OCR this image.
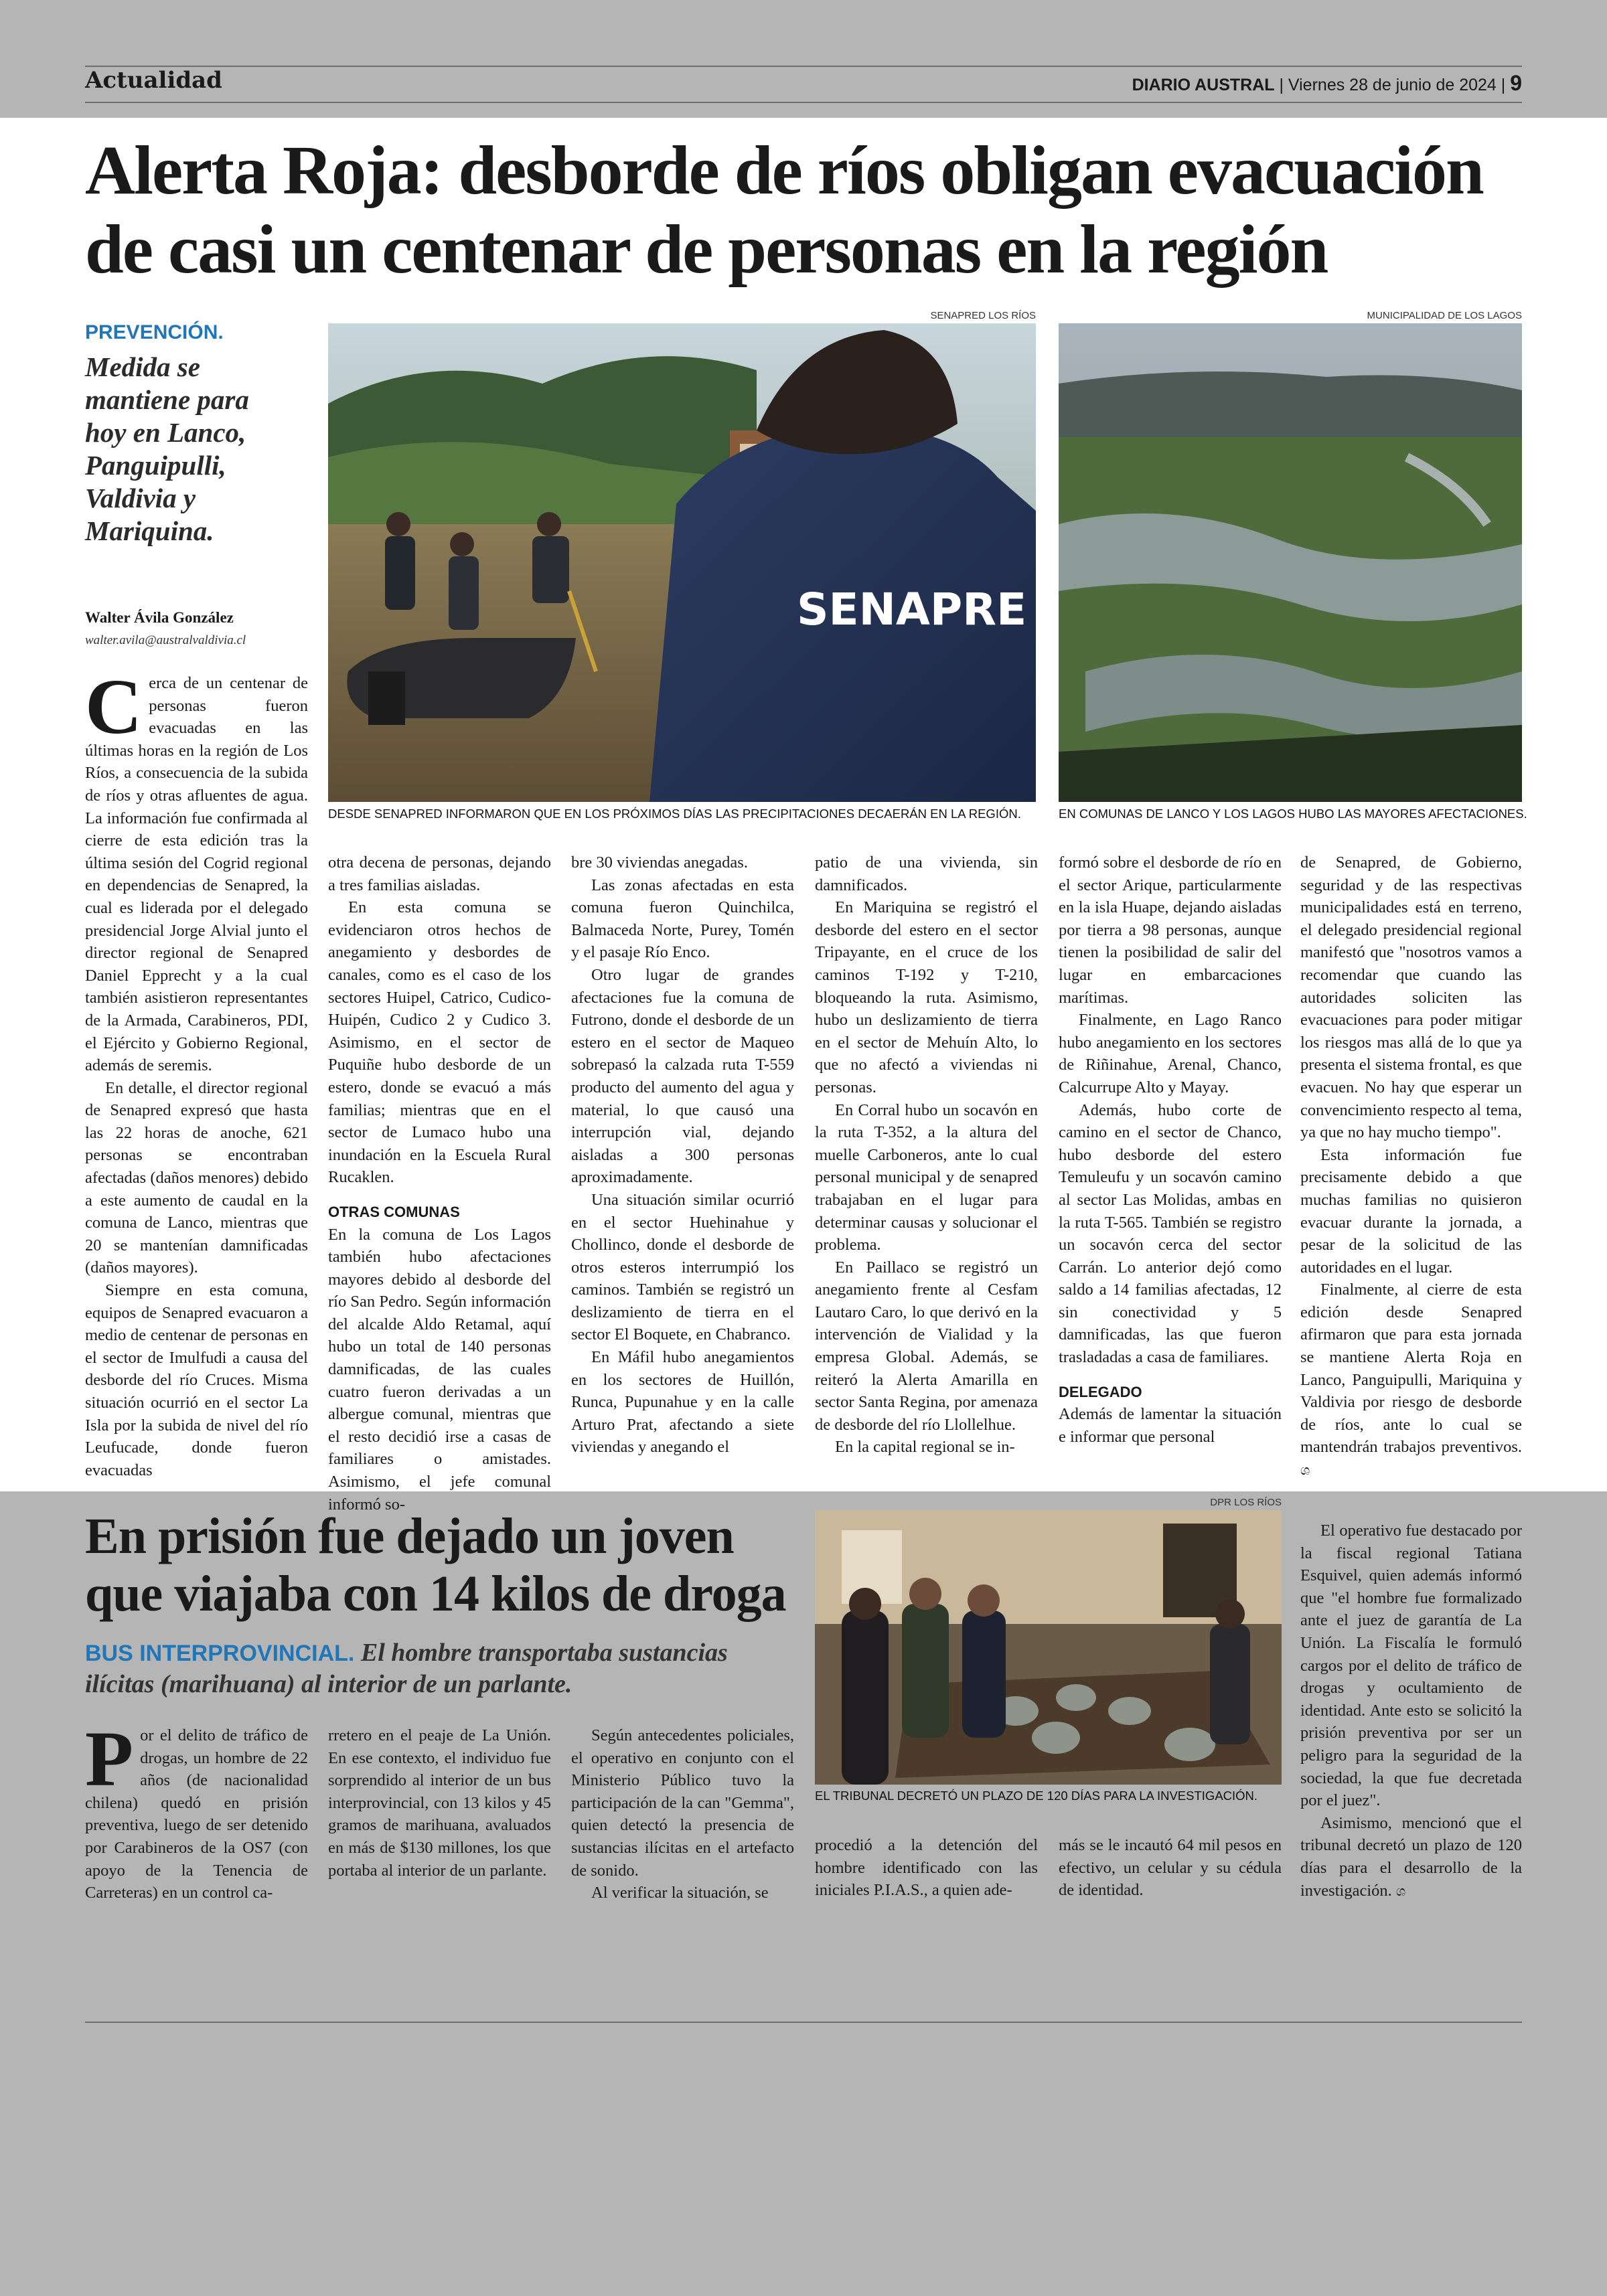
Actualidad	DIARIO AUSTRAL | Viernes 28 de junio de 2024 | 9
Alerta Roja: desborde de ríos obligan evacuación de casi un centenar de personas en la región
PREVENCIÓN.
Medida se mantiene para hoy en Lanco, Panguipulli, Valdivia y Mariquina.
Walter Ávila González
walter.avila@australvaldivia.cl
SENAPRED LOS RÍOS
SENAPRE
DESDE SENAPRED INFORMARON QUE EN LOS PRÓXIMOS DÍAS LAS PRECIPITACIONES DECAERÁN EN LA REGIÓN.
MUNICIPALIDAD DE LOS LAGOS
EN COMUNAS DE LANCO Y LOS LAGOS HUBO LAS MAYORES AFECTACIONES.

Cerca de un centenar de personas fueron evacuadas en las últimas horas en la región de Los Ríos, a consecuencia de la subida de ríos y otras afluentes de agua. La información fue confirmada al cierre de esta edición tras la última sesión del Cogrid regional en dependencias de Senapred, la cual es liderada por el delegado presidencial Jorge Alvial junto el director regional de Senapred Daniel Epprecht y a la cual también asistieron representantes de la Armada, Carabineros, PDI, el Ejército y Gobierno Regional, además de seremis.

En detalle, el director regional de Senapred expresó que hasta las 22 horas de anoche, 621 personas se encontraban afectadas (daños menores) debido a este aumento de caudal en la comuna de Lanco, mientras que 20 se mantenían damnificadas (daños mayores).

Siempre en esta comuna, equipos de Senapred evacuaron a medio de centenar de personas en el sector de Imulfudi a causa del desborde del río Cruces. Misma situación ocurrió en el sector La Isla por la subida de nivel del río Leufucade, donde fueron evacuadas

otra decena de personas, dejando a tres familias aisladas.

En esta comuna se evidenciaron otros hechos de anegamiento y desbordes de canales, como es el caso de los sectores Huipel, Catrico, Cudico-Huipén, Cudico 2 y Cudico 3. Asimismo, en el sector de Puquiñe hubo desborde de un estero, donde se evacuó a más familias; mientras que en el sector de Lumaco hubo una inundación en la Escuela Rural Rucaklen.

OTRAS COMUNAS

En la comuna de Los Lagos también hubo afectaciones mayores debido al desborde del río San Pedro. Según información del alcalde Aldo Retamal, aquí hubo un total de 140 personas damnificadas, de las cuales cuatro fueron derivadas a un albergue comunal, mientras que el resto decidió irse a casas de familiares o amistades. Asimismo, el jefe comunal informó so-

bre 30 viviendas anegadas.

Las zonas afectadas en esta comuna fueron Quinchilca, Balmaceda Norte, Purey, Tomén y el pasaje Río Enco.

Otro lugar de grandes afectaciones fue la comuna de Futrono, donde el desborde de un estero en el sector de Maqueo sobrepasó la calzada ruta T-559 producto del aumento del agua y material, lo que causó una interrupción vial, dejando aisladas a 300 personas aproximadamente.

Una situación similar ocurrió en el sector Huehinahue y Chollinco, donde el desborde de otros esteros interrumpió los caminos. También se registró un deslizamiento de tierra en el sector El Boquete, en Chabranco.

En Máfil hubo anegamientos en los sectores de Huillón, Runca, Pupunahue y en la calle Arturo Prat, afectando a siete viviendas y anegando el

patio de una vivienda, sin damnificados.

En Mariquina se registró el desborde del estero en el sector Tripayante, en el cruce de los caminos T-192 y T-210, bloqueando la ruta. Asimismo, hubo un deslizamiento de tierra en el sector de Mehuín Alto, lo que no afectó a viviendas ni personas.

En Corral hubo un socavón en la ruta T-352, a la altura del muelle Carboneros, ante lo cual personal municipal y de senapred trabajaban en el lugar para determinar causas y solucionar el problema.

En Paillaco se registró un anegamiento frente al Cesfam Lautaro Caro, lo que derivó en la intervención de Vialidad y la empresa Global. Además, se reiteró la Alerta Amarilla en sector Santa Regina, por amenaza de desborde del río Llollelhue.

En la capital regional se in-

formó sobre el desborde de río en el sector Arique, particularmente en la isla Huape, dejando aisladas por tierra a 98 personas, aunque tienen la posibilidad de salir del lugar en embarcaciones marítimas.

Finalmente, en Lago Ranco hubo anegamiento en los sectores de Riñinahue, Arenal, Chanco, Calcurrupe Alto y Mayay.

Además, hubo corte de camino en el sector de Chanco, hubo desborde del estero Temuleufu y un socavón camino al sector Las Molidas, ambas en la ruta T-565. También se registro un socavón cerca del sector Carrán. Lo anterior dejó como saldo a 14 familias afectadas, 12 sin conectividad y 5 damnificadas, las que fueron trasladadas a casa de familiares.

DELEGADO

Además de lamentar la situación e informar que personal

de Senapred, de Gobierno, seguridad y de las respectivas municipalidades está en terreno, el delegado presidencial regional manifestó que "nosotros vamos a recomendar que cuando las autoridades soliciten las evacuaciones para poder mitigar los riesgos mas allá de lo que ya presenta el sistema frontal, es que evacuen. No hay que esperar un convencimiento respecto al tema, ya que no hay mucho tiempo".

Esta información fue precisamente debido a que muchas familias no quisieron evacuar durante la jornada, a pesar de la solicitud de las autoridades en el lugar.

Finalmente, al cierre de esta edición desde Senapred afirmaron que para esta jornada se mantiene Alerta Roja en Lanco, Panguipulli, Mariquina y Valdivia por riesgo de desborde de ríos, ante lo cual se mantendrán trabajos preventivos. ශ

En prisión fue dejado un joven que viajaba con 14 kilos de droga
BUS INTERPROVINCIAL. El hombre transportaba sustancias ilícitas (marihuana) al interior de un parlante.
DPR LOS RÍOS
EL TRIBUNAL DECRETÓ UN PLAZO DE 120 DÍAS PARA LA INVESTIGACIÓN.

Por el delito de tráfico de drogas, un hombre de 22 años (de nacionalidad chilena) quedó en prisión preventiva, luego de ser detenido por Carabineros de la OS7 (con apoyo de la Tenencia de Carreteras) en un control ca-

rretero en el peaje de La Unión. En ese contexto, el individuo fue sorprendido al interior de un bus interprovincial, con 13 kilos y 45 gramos de marihuana, avaluados en más de $130 millones, los que portaba al interior de un parlante.

Según antecedentes policiales, el operativo en conjunto con el Ministerio Público tuvo la participación de la can "Gemma", quien detectó la presencia de sustancias ilícitas en el artefacto de sonido.

Al verificar la situación, se

procedió a la detención del hombre identificado con las iniciales P.I.A.S., a quien ade-

más se le incautó 64 mil pesos en efectivo, un celular y su cédula de identidad.

El operativo fue destacado por la fiscal regional Tatiana Esquivel, quien además informó que "el hombre fue formalizado ante el juez de garantía de La Unión. La Fiscalía le formuló cargos por el delito de tráfico de drogas y ocultamiento de identidad. Ante esto se solicitó la prisión preventiva por ser un peligro para la seguridad de la sociedad, la que fue decretada por el juez".

Asimismo, mencionó que el tribunal decretó un plazo de 120 días para el desarrollo de la investigación. ශ
